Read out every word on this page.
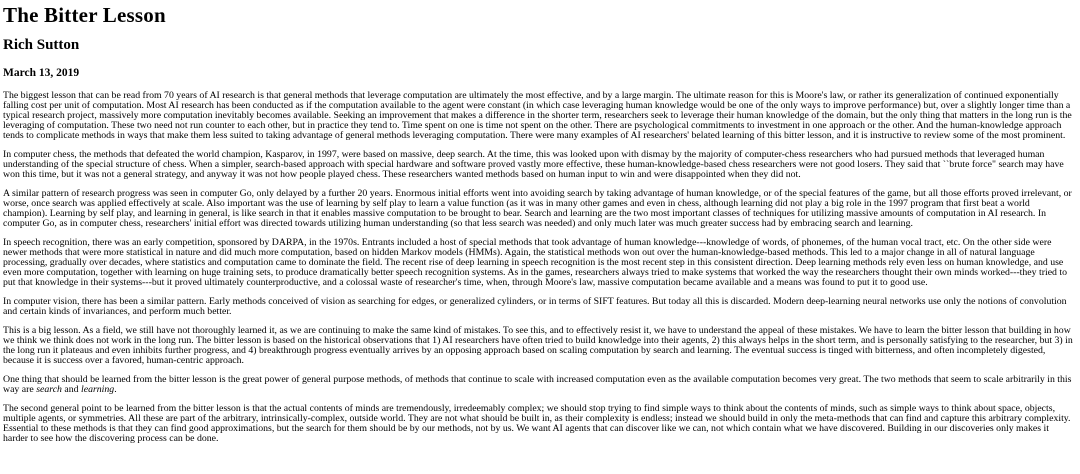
The Bitter Lesson
Rich Sutton
March 13, 2019

The biggest lesson that can be read from 70 years of AI research is that general methods that leverage computation are ultimately the most effective, and by a large margin. The ultimate reason for this is Moore's law, or rather its generalization of continued exponentially falling cost per unit of computation. Most AI research has been conducted as if the computation available to the agent were constant (in which case leveraging human knowledge would be one of the only ways to improve performance) but, over a slightly longer time than a typical research project, massively more computation inevitably becomes available. Seeking an improvement that makes a difference in the shorter term, researchers seek to leverage their human knowledge of the domain, but the only thing that matters in the long run is the leveraging of computation. These two need not run counter to each other, but in practice they tend to. Time spent on one is time not spent on the other. There are psychological commitments to investment in one approach or the other. And the human-knowledge approach tends to complicate methods in ways that make them less suited to taking advantage of general methods leveraging computation. There were many examples of AI researchers' belated learning of this bitter lesson, and it is instructive to review some of the most prominent.

In computer chess, the methods that defeated the world champion, Kasparov, in 1997, were based on massive, deep search. At the time, this was looked upon with dismay by the majority of computer-chess researchers who had pursued methods that leveraged human understanding of the special structure of chess. When a simpler, search-based approach with special hardware and software proved vastly more effective, these human-knowledge-based chess researchers were not good losers. They said that ``brute force" search may have won this time, but it was not a general strategy, and anyway it was not how people played chess. These researchers wanted methods based on human input to win and were disappointed when they did not.

A similar pattern of research progress was seen in computer Go, only delayed by a further 20 years. Enormous initial efforts went into avoiding search by taking advantage of human knowledge, or of the special features of the game, but all those efforts proved irrelevant, or worse, once search was applied effectively at scale. Also important was the use of learning by self play to learn a value function (as it was in many other games and even in chess, although learning did not play a big role in the 1997 program that first beat a world champion). Learning by self play, and learning in general, is like search in that it enables massive computation to be brought to bear. Search and learning are the two most important classes of techniques for utilizing massive amounts of computation in AI research. In computer Go, as in computer chess, researchers' initial effort was directed towards utilizing human understanding (so that less search was needed) and only much later was much greater success had by embracing search and learning.

In speech recognition, there was an early competition, sponsored by DARPA, in the 1970s. Entrants included a host of special methods that took advantage of human knowledge---knowledge of words, of phonemes, of the human vocal tract, etc. On the other side were newer methods that were more statistical in nature and did much more computation, based on hidden Markov models (HMMs). Again, the statistical methods won out over the human-knowledge-based methods. This led to a major change in all of natural language processing, gradually over decades, where statistics and computation came to dominate the field. The recent rise of deep learning in speech recognition is the most recent step in this consistent direction. Deep learning methods rely even less on human knowledge, and use even more computation, together with learning on huge training sets, to produce dramatically better speech recognition systems. As in the games, researchers always tried to make systems that worked the way the researchers thought their own minds worked---they tried to put that knowledge in their systems---but it proved ultimately counterproductive, and a colossal waste of researcher's time, when, through Moore's law, massive computation became available and a means was found to put it to good use.

In computer vision, there has been a similar pattern. Early methods conceived of vision as searching for edges, or generalized cylinders, or in terms of SIFT features. But today all this is discarded. Modern deep-learning neural networks use only the notions of convolution and certain kinds of invariances, and perform much better.

This is a big lesson. As a field, we still have not thoroughly learned it, as we are continuing to make the same kind of mistakes. To see this, and to effectively resist it, we have to understand the appeal of these mistakes. We have to learn the bitter lesson that building in how we think we think does not work in the long run. The bitter lesson is based on the historical observations that 1) AI researchers have often tried to build knowledge into their agents, 2) this always helps in the short term, and is personally satisfying to the researcher, but 3) in the long run it plateaus and even inhibits further progress, and 4) breakthrough progress eventually arrives by an opposing approach based on scaling computation by search and learning. The eventual success is tinged with bitterness, and often incompletely digested, because it is success over a favored, human-centric approach.

One thing that should be learned from the bitter lesson is the great power of general purpose methods, of methods that continue to scale with increased computation even as the available computation becomes very great. The two methods that seem to scale arbitrarily in this way are search and learning.

The second general point to be learned from the bitter lesson is that the actual contents of minds are tremendously, irredeemably complex; we should stop trying to find simple ways to think about the contents of minds, such as simple ways to think about space, objects, multiple agents, or symmetries. All these are part of the arbitrary, intrinsically-complex, outside world. They are not what should be built in, as their complexity is endless; instead we should build in only the meta-methods that can find and capture this arbitrary complexity. Essential to these methods is that they can find good approximations, but the search for them should be by our methods, not by us. We want AI agents that can discover like we can, not which contain what we have discovered. Building in our discoveries only makes it harder to see how the discovering process can be done.
